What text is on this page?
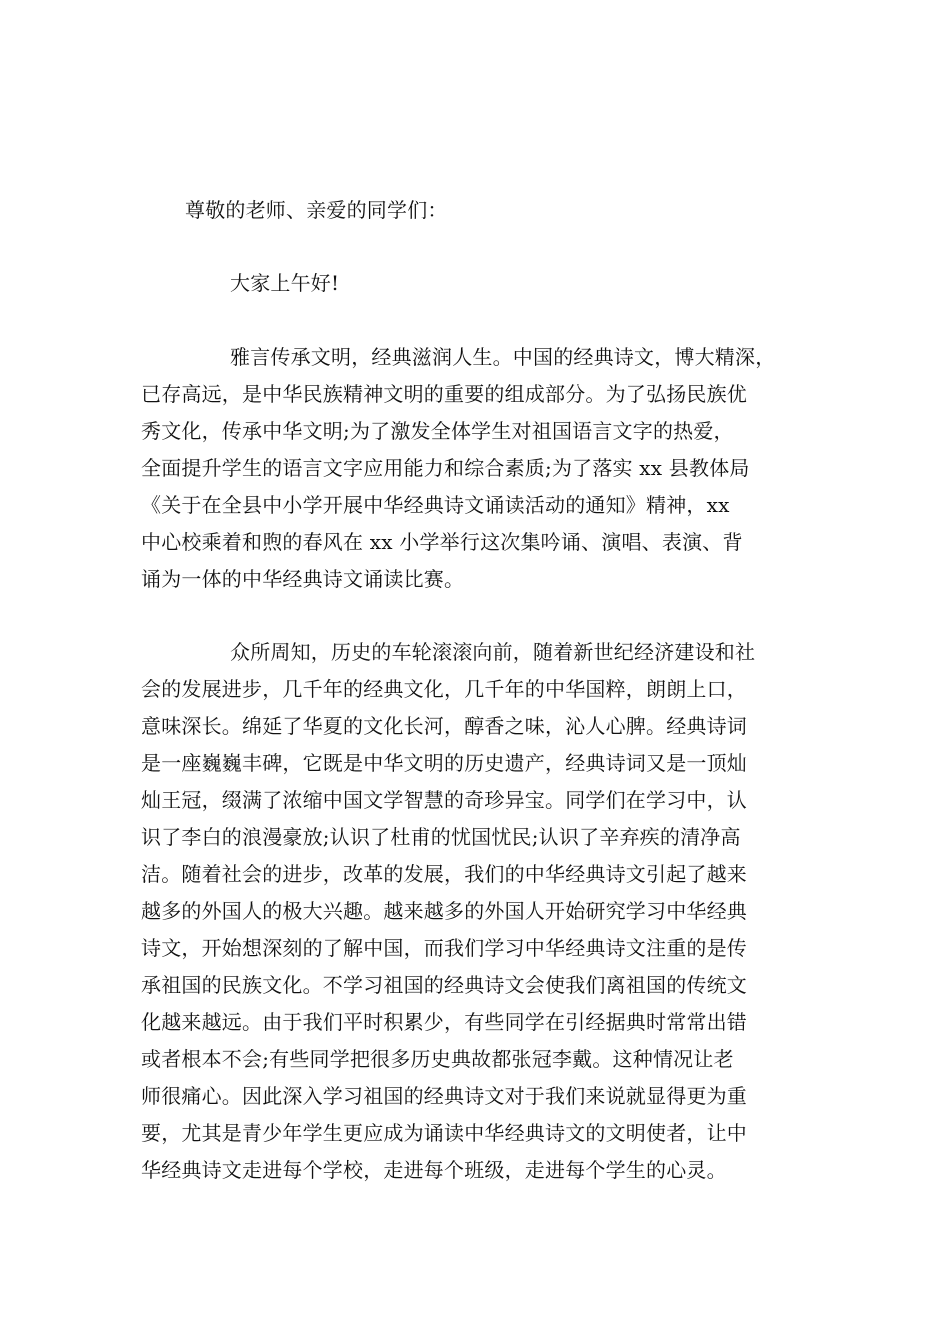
尊敬的老师、亲爱的同学们：
大家上午好!
雅言传承文明，经典滋润人生。中国的经典诗文，博大精深，
已存高远，是中华民族精神文明的重要的组成部分。为了弘扬民族优
秀文化，传承中华文明;为了激发全体学生对祖国语言文字的热爱，
全面提升学生的语言文字应用能力和综合素质;为了落实 xx 县教体局
《关于在全县中小学开展中华经典诗文诵读活动的通知》精神，xx
中心校乘着和煦的春风在 xx 小学举行这次集吟诵、演唱、表演、背
诵为一体的中华经典诗文诵读比赛。
众所周知，历史的车轮滚滚向前，随着新世纪经济建设和社
会的发展进步，几千年的经典文化，几千年的中华国粹，朗朗上口，
意味深长。绵延了华夏的文化长河，醇香之味，沁人心脾。经典诗词
是一座巍巍丰碑，它既是中华文明的历史遗产，经典诗词又是一顶灿
灿王冠，缀满了浓缩中国文学智慧的奇珍异宝。同学们在学习中，认
识了李白的浪漫豪放;认识了杜甫的忧国忧民;认识了辛弃疾的清净高
洁。随着社会的进步，改革的发展，我们的中华经典诗文引起了越来
越多的外国人的极大兴趣。越来越多的外国人开始研究学习中华经典
诗文，开始想深刻的了解中国，而我们学习中华经典诗文注重的是传
承祖国的民族文化。不学习祖国的经典诗文会使我们离祖国的传统文
化越来越远。由于我们平时积累少，有些同学在引经据典时常常出错
或者根本不会;有些同学把很多历史典故都张冠李戴。这种情况让老
师很痛心。因此深入学习祖国的经典诗文对于我们来说就显得更为重
要，尤其是青少年学生更应成为诵读中华经典诗文的文明使者，让中
华经典诗文走进每个学校，走进每个班级，走进每个学生的心灵。
